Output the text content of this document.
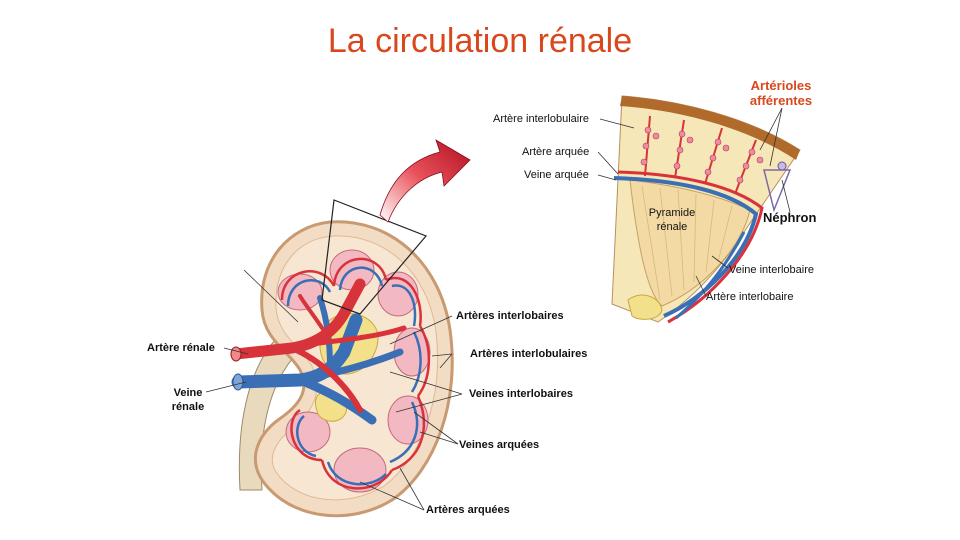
La circulation rénale
Artère rénale
Veine
rénale
Artères interlobaires
Artères interlobulaires
Veines interlobaires
Veines arquées
Artères arquées
Artère interlobulaire
Artère arquée
Veine arquée
Artérioles
afférentes
Pyramide
rénale
Néphron
Veine interlobaire
Artère interlobaire
